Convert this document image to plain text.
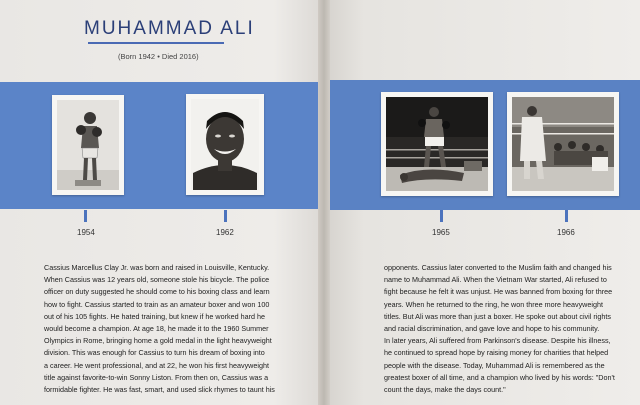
MUHAMMAD ALI
(Born 1942 • Died 2016)
1954	1962	1965	1966

Cassius Marcellus Clay Jr. was born and raised in Louisville, Kentucky.
When Cassius was 12 years old, someone stole his bicycle. The police
officer on duty suggested he should come to his boxing class and learn
how to fight. Cassius started to train as an amateur boxer and won 100
out of his 105 fights. He hated training, but knew if he worked hard he
would become a champion. At age 18, he made it to the 1960 Summer
Olympics in Rome, bringing home a gold medal in the light heavyweight
division. This was enough for Cassius to turn his dream of boxing into
a career. He went professional, and at 22, he won his first heavyweight
title against favorite-to-win Sonny Liston. From then on, Cassius was a
formidable fighter. He was fast, smart, and used slick rhymes to taunt his

opponents. Cassius later converted to the Muslim faith and changed his
name to Muhammad Ali. When the Vietnam War started, Ali refused to
fight because he felt it was unjust. He was banned from boxing for three
years. When he returned to the ring, he won three more heavyweight
titles. But Ali was more than just a boxer. He spoke out about civil rights
and racial discrimination, and gave love and hope to his community.
In later years, Ali suffered from Parkinson's disease. Despite his illness,
he continued to spread hope by raising money for charities that helped
people with the disease. Today, Muhammad Ali is remembered as the
greatest boxer of all time, and a champion who lived by his words: "Don't
count the days, make the days count."
